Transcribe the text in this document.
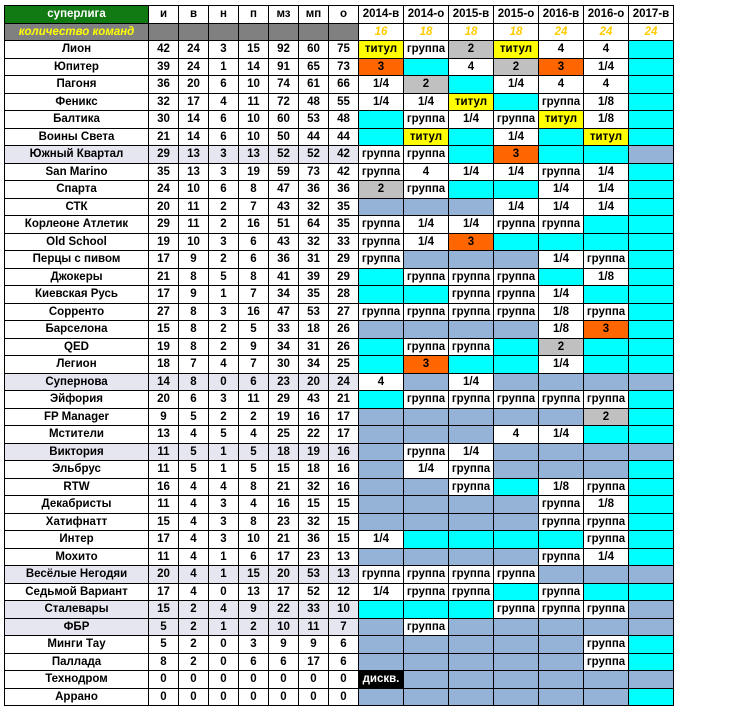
суперлига	и	в	н	п	мз	мп	о	2014-в	2014-о	2015-в	2015-о	2016-в	2016-о	2017-в
количество команд								16	18	18	18	24	24	24
Лион	42	24	3	15	92	60	75	титул	группа	2	титул	4	4	
Юпитер	39	24	1	14	91	65	73	3		4	2	3	1/4	
Пагоня	36	20	6	10	74	61	66	1/4	2		1/4	4	4	
Феникс	32	17	4	11	72	48	55	1/4	1/4	титул		группа	1/8	
Балтика	30	14	6	10	60	53	48		группа	1/4	группа	титул	1/8	
Воины Света	21	14	6	10	50	44	44		титул		1/4		титул	
Южный Квартал	29	13	3	13	52	52	42	группа	группа		3			
San Marino	35	13	3	19	59	73	42	группа	4	1/4	1/4	группа	1/4	
Спарта	24	10	6	8	47	36	36	2	группа			1/4	1/4	
СТК	20	11	2	7	43	32	35				1/4	1/4	1/4	
Корлеоне Атлетик	29	11	2	16	51	64	35	группа	1/4	1/4	группа	группа		
Old School	19	10	3	6	43	32	33	группа	1/4	3				
Перцы с пивом	17	9	2	6	36	31	29	группа				1/4	группа	
Джокеры	21	8	5	8	41	39	29		группа	группа	группа		1/8	
Киевская Русь	17	9	1	7	34	35	28			группа	группа	1/4		
Сорренто	27	8	3	16	47	53	27	группа	группа	группа	группа	1/8	группа	
Барселона	15	8	2	5	33	18	26					1/8	3	
QED	19	8	2	9	34	31	26		группа	группа		2		
Легион	18	7	4	7	30	34	25		3			1/4		
Супернова	14	8	0	6	23	20	24	4		1/4				
Эйфория	20	6	3	11	29	43	21		группа	группа	группа	группа	группа	
FP Manager	9	5	2	2	19	16	17						2	
Мстители	13	4	5	4	25	22	17				4	1/4		
Виктория	11	5	1	5	18	19	16		группа	1/4				
Эльбрус	11	5	1	5	15	18	16		1/4	группа				
RTW	16	4	4	8	21	32	16			группа		1/8	группа	
Декабристы	11	4	3	4	16	15	15					группа	1/8	
Хатифнатт	15	4	3	8	23	32	15					группа	группа	
Интер	17	4	3	10	21	36	15	1/4					группа	
Мохито	11	4	1	6	17	23	13					группа	1/4	
Весёлые Негодяи	20	4	1	15	20	53	13	группа	группа	группа	группа			
Седьмой Вариант	17	4	0	13	17	52	12	1/4	группа	группа		группа		
Сталевары	15	2	4	9	22	33	10				группа	группа	группа	
ФБР	5	2	1	2	10	11	7		группа					
Минги Тау	5	2	0	3	9	9	6						группа	
Паллада	8	2	0	6	6	17	6						группа	
Технодром	0	0	0	0	0	0	0	дискв.						
Аррано	0	0	0	0	0	0	0							
